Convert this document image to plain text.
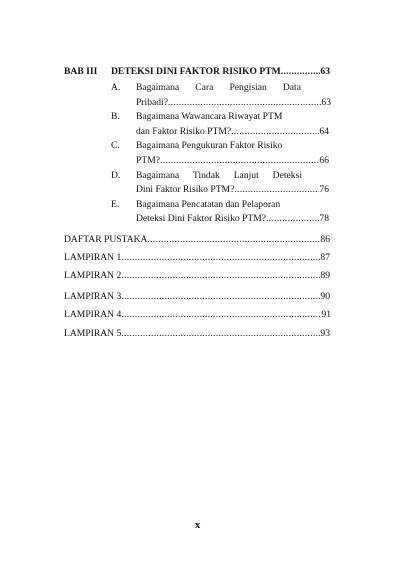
BAB III DETEKSI DINI FAKTOR RISIKO PTM .....	63
A. Bagaimana Cara Pengisian Data
Pribadi? .....	63
B. Bagaimana Wawancara Riwayat PTM
dan Faktor Risiko PTM? .....	64
C. Bagaimana Pengukuran Faktor Risiko
PTM? .....	66
D. Bagaimana Tindak Lanjut Deteksi
Dini Faktor Risiko PTM? .....	76
E. Bagaimana Pencatatan dan Pelaporan
Deteksi Dini Faktor Risiko PTM? .....	78
DAFTAR PUSTAKA .....	86
LAMPIRAN 1 .....	87
LAMPIRAN 2 .....	89
LAMPIRAN 3 .....	90
LAMPIRAN 4 .....	91
LAMPIRAN 5 .....	93
x
